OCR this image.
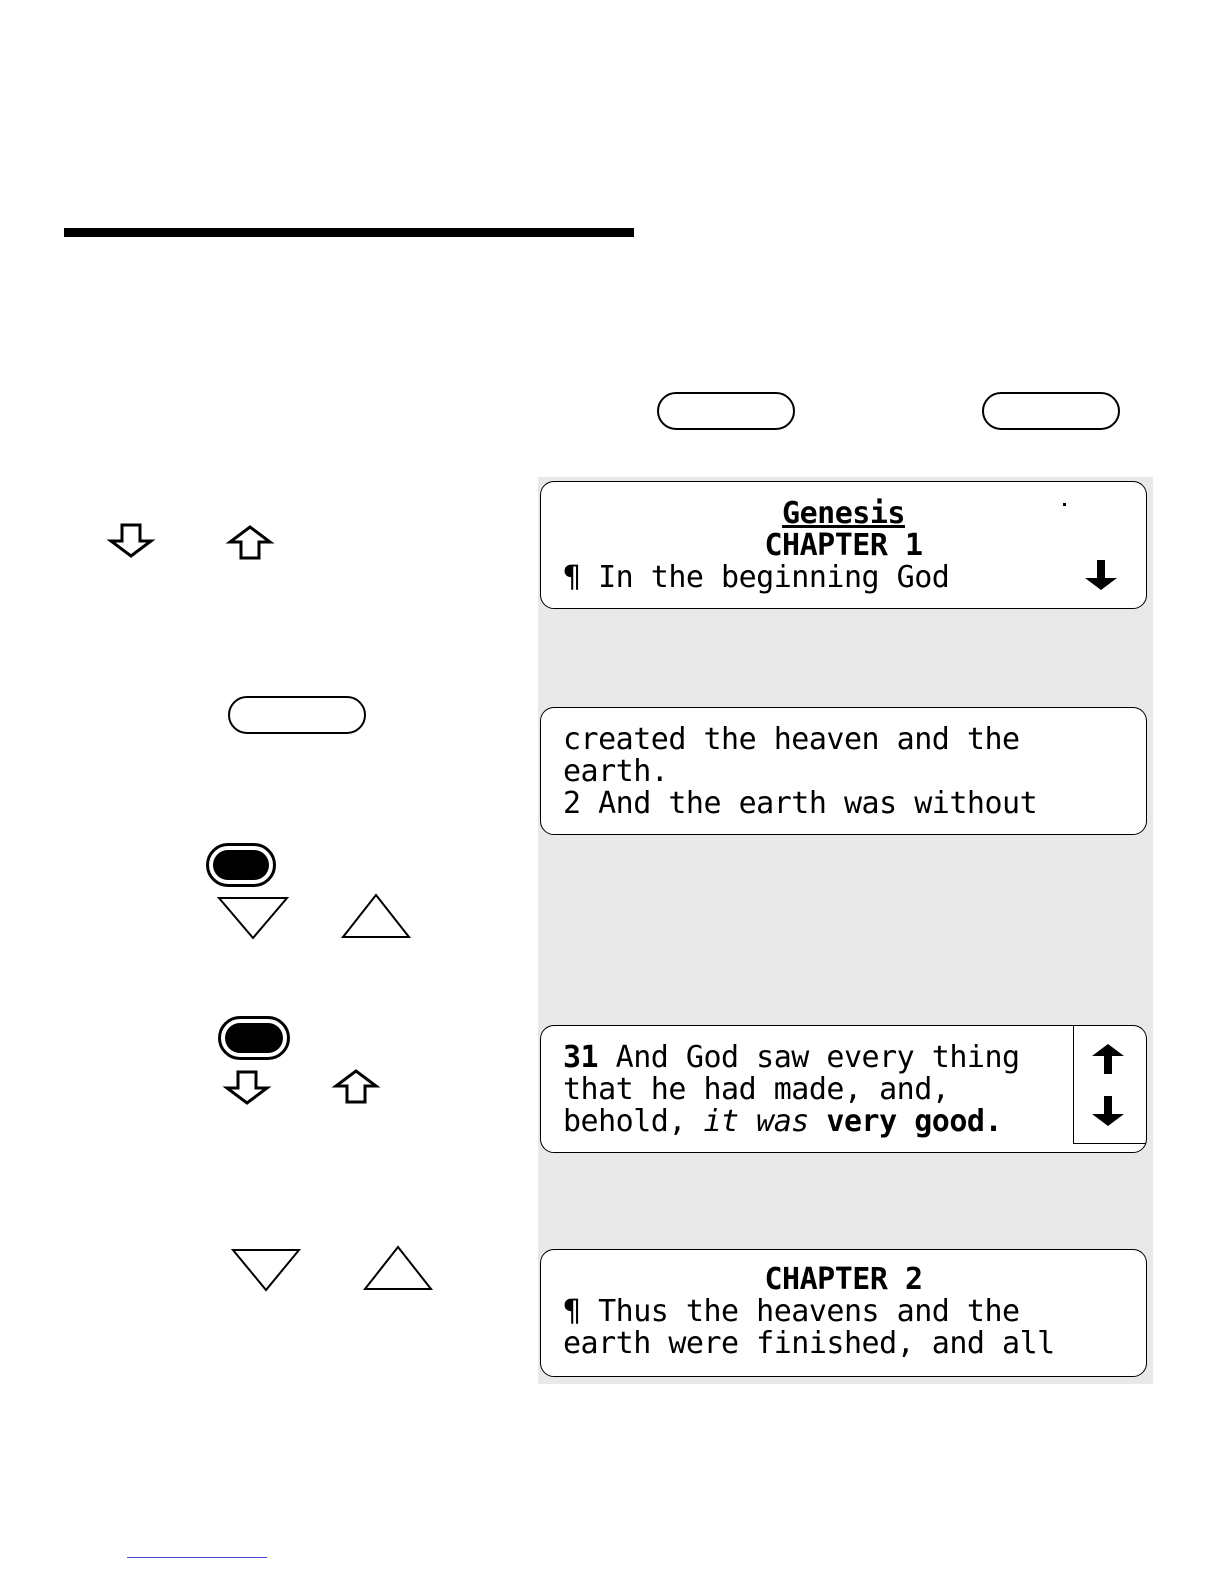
Genesis
CHAPTER 1
¶ In the beginning God
created the heaven and the
earth.
2 And the earth was without
31 And God saw every thing
that he had made, and,
behold, it was very good.
CHAPTER 2
¶ Thus the heavens and the
earth were finished, and all
